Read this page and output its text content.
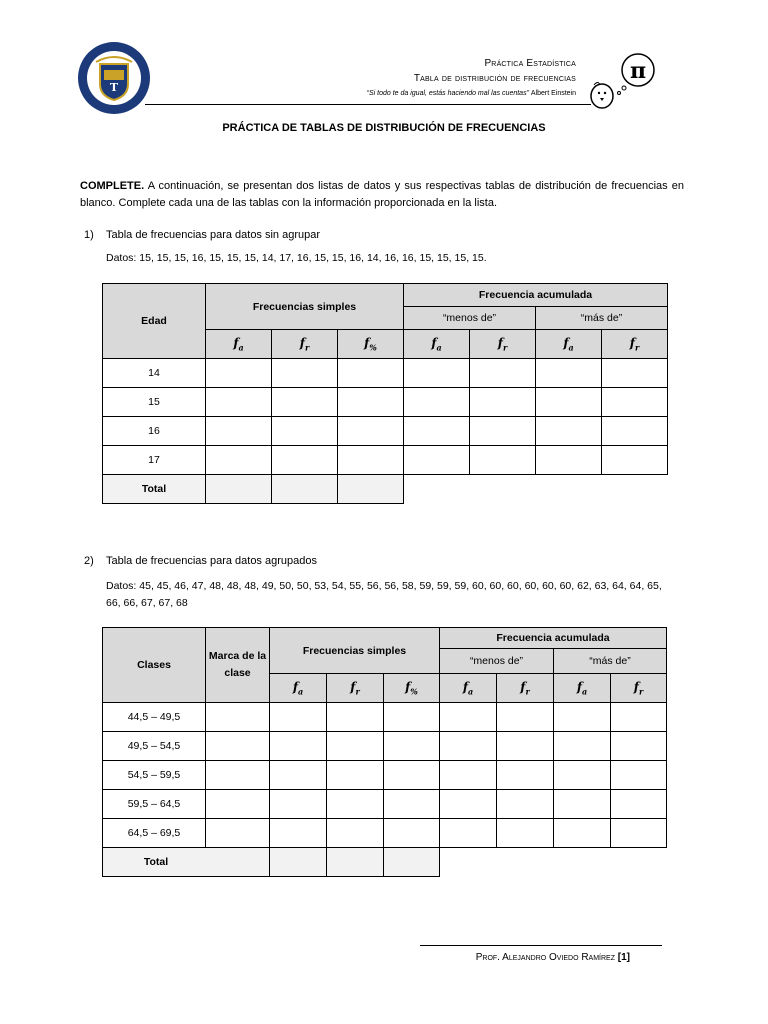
T
Práctica Estadística
Tabla de distribución de frecuencias
“Si todo te da igual, estás haciendo mal las cuentas” Albert Einstein
π
PRÁCTICA DE TABLAS DE DISTRIBUCIÓN DE FRECUENCIAS
COMPLETE. A continuación, se presentan dos listas de datos y sus respectivas tablas de distribución de frecuencias en blanco. Complete cada una de las tablas con la información proporcionada en la lista.
1) Tabla de frecuencias para datos sin agrupar
Datos: 15, 15, 15, 16, 15, 15, 15, 14, 17, 16, 15, 15, 16, 14, 16, 16, 15, 15, 15, 15.
Edad	Frecuencias simples			Frecuencia acumulada			
				“menos de”		“más de”	
	$f_a$	$f_r$	$f_{\%}$	$f_a$	$f_r$	$f_a$	$f_r$
14							
15							
16							
17							
Total							
2) Tabla de frecuencias para datos agrupados
Datos: 45, 45, 46, 47, 48, 48, 48, 49, 50, 50, 53, 54, 55, 56, 56, 58, 59, 59, 59, 60, 60, 60, 60, 60, 60, 62, 63, 64, 64, 65, 66, 66, 67, 67, 68
Clases	Marca de la clase	Frecuencias simples			Frecuencia acumulada			
					“menos de”		“más de”	
		$f_a$	$f_r$	$f_{\%}$	$f_a$	$f_r$	$f_a$	$f_r$
44,5 – 49,5								
49,5 – 54,5								
54,5 – 59,5								
59,5 – 64,5								
64,5 – 69,5								
Total								
Prof. Alejandro Oviedo Ramírez [1]
